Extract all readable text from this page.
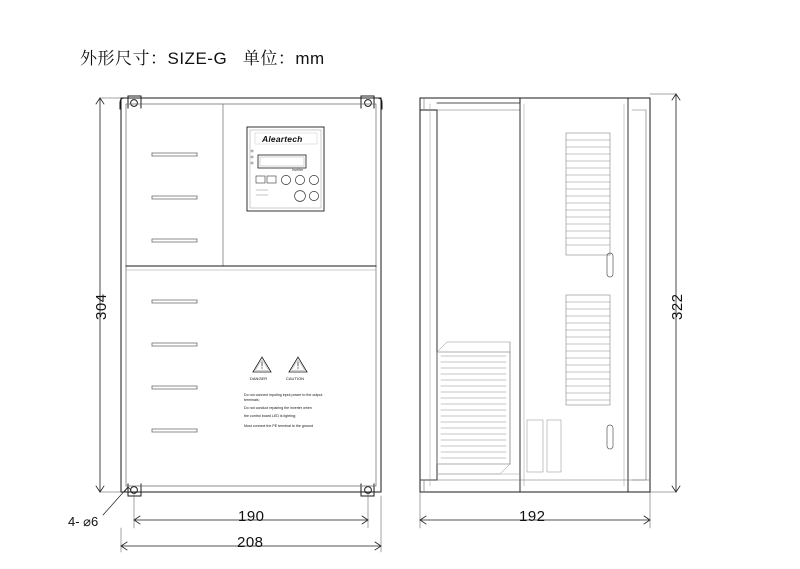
外形尺寸：SIZE-G   单位：mm
Aleartech
inverter
DANGER	CAUTION
Do not connect inputing input power to the output
terminals;
Do not conduct repairing the inverter when
the control board LED is lighting;
Must connect the PE terminal to the ground
304	322
190
208
192
4- ⌀6
